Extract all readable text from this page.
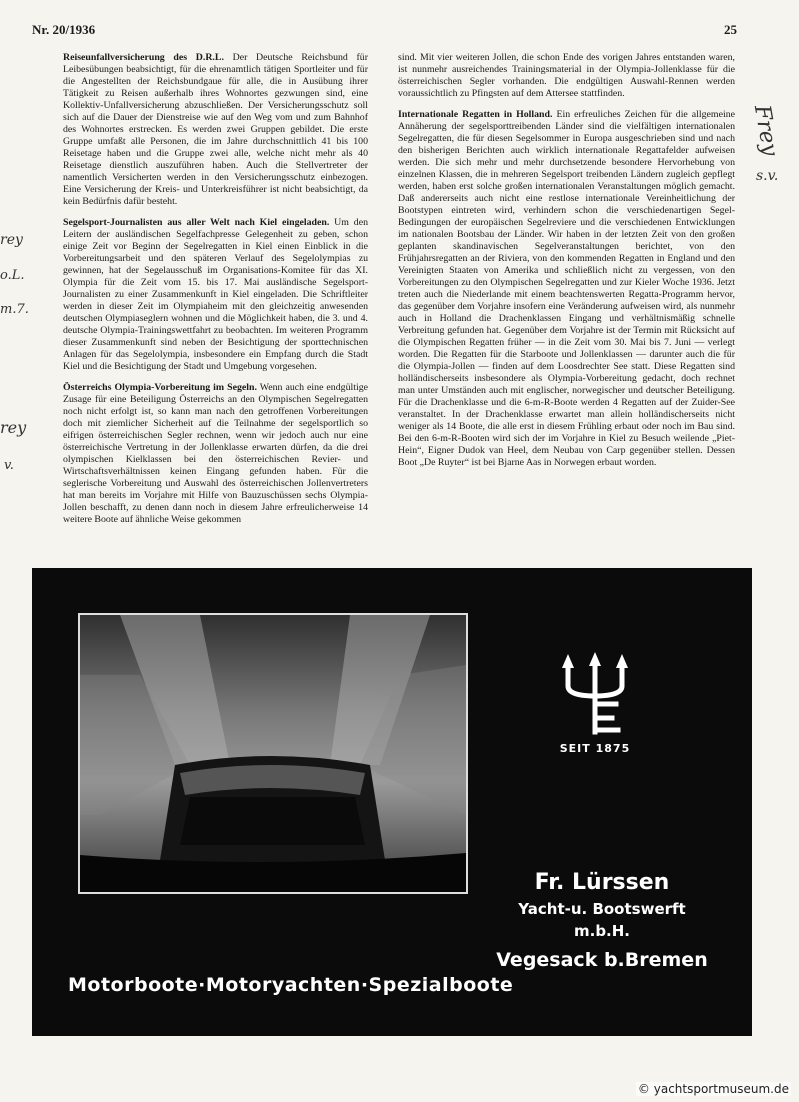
Nr. 20/1936	25

Reiseunfallversicherung des D.R.L. Der Deutsche Reichsbund für Leibesübungen beabsichtigt, für die ehrenamtlich tätigen Sportleiter und für die Angestellten der Reichsbundgaue für alle, die in Ausübung ihrer Tätigkeit zu Reisen außerhalb ihres Wohnortes gezwungen sind, eine Kollektiv-Unfallversicherung abzuschließen. Der Versicherungsschutz soll sich auf die Dauer der Dienstreise wie auf den Weg vom und zum Bahnhof des Wohnortes erstrecken. Es werden zwei Gruppen gebildet. Die erste Gruppe umfaßt alle Personen, die im Jahre durchschnittlich 41 bis 100 Reisetage haben und die Gruppe zwei alle, welche nicht mehr als 40 Reisetage dienstlich auszuführen haben. Auch die Stellvertreter der namentlich Versicherten werden in den Versicherungsschutz einbezogen. Eine Versicherung der Kreis- und Unterkreisführer ist nicht beabsichtigt, da kein Bedürfnis dafür besteht.

Segelsport-Journalisten aus aller Welt nach Kiel eingeladen. Um den Leitern der ausländischen Segelfachpresse Gelegenheit zu geben, schon einige Zeit vor Beginn der Segelregatten in Kiel einen Einblick in die Vorbereitungsarbeit und den späteren Verlauf des Segelolympias zu gewinnen, hat der Segelausschuß im Organisations-Komitee für das XI. Olympia für die Zeit vom 15. bis 17. Mai ausländische Segelsport-Journalisten zu einer Zusammenkunft in Kiel eingeladen. Die Schriftleiter werden in dieser Zeit im Olympiaheim mit den gleichzeitig anwesenden deutschen Olympiaseglern wohnen und die Möglichkeit haben, die 3. und 4. deutsche Olympia-Trainingswettfahrt zu beobachten. Im weiteren Programm dieser Zusammenkunft sind neben der Besichtigung der sporttechnischen Anlagen für das Segelolympia, insbesondere ein Empfang durch die Stadt Kiel und die Besichtigung der Stadt und Umgebung vorgesehen.

Österreichs Olympia-Vorbereitung im Segeln. Wenn auch eine endgültige Zusage für eine Beteiligung Österreichs an den Olympischen Segelregatten noch nicht erfolgt ist, so kann man nach den getroffenen Vorbereitungen doch mit ziemlicher Sicherheit auf die Teilnahme der segelsportlich so eifrigen österreichischen Segler rechnen, wenn wir jedoch auch nur eine österreichische Vertretung in der Jollenklasse erwarten dürfen, da die drei olympischen Kielklassen bei den österreichischen Revier- und Wirtschaftsverhältnissen keinen Eingang gefunden haben. Für die seglerische Vorbereitung und Auswahl des österreichischen Jollenvertreters hat man bereits im Vorjahre mit Hilfe von Bauzuschüssen sechs Olympia-Jollen beschafft, zu denen dann noch in diesem Jahre erfreulicherweise 14 weitere Boote auf ähnliche Weise gekommen

sind. Mit vier weiteren Jollen, die schon Ende des vorigen Jahres entstanden waren, ist nunmehr ausreichendes Trainingsmaterial in der Olympia-Jollenklasse für die österreichischen Segler vorhanden. Die endgültigen Auswahl-Rennen werden voraussichtlich zu Pfingsten auf dem Attersee stattfinden.

Internationale Regatten in Holland. Ein erfreuliches Zeichen für die allgemeine Annäherung der segelsporttreibenden Länder sind die vielfältigen internationalen Segelregatten, die für diesen Segelsommer in Europa ausgeschrieben sind und nach den bisherigen Berichten auch wirklich internationale Regattafelder aufweisen werden. Die sich mehr und mehr durchsetzende besondere Hervorhebung von einzelnen Klassen, die in mehreren Segelsport treibenden Ländern zugleich gepflegt werden, haben erst solche großen internationalen Veranstaltungen möglich gemacht. Daß andererseits auch nicht eine restlose internationale Vereinheitlichung der Bootstypen eintreten wird, verhindern schon die verschiedenartigen Segel-Bedingungen der europäischen Segelreviere und die verschiedenen Entwicklungen im nationalen Bootsbau der Länder. Wir haben in der letzten Zeit von den großen geplanten skandinavischen Segelveranstaltungen berichtet, von den Frühjahrsregatten an der Riviera, von den kommenden Regatten in England und den Vereinigten Staaten von Amerika und schließlich nicht zu vergessen, von den Vorbereitungen zu den Olympischen Segelregatten und zur Kieler Woche 1936. Jetzt treten auch die Niederlande mit einem beachtenswerten Regatta-Programm hervor, das gegenüber dem Vorjahre insofern eine Veränderung aufweisen wird, als nunmehr auch in Holland die Drachenklassen Eingang und verhältnismäßig schnelle Verbreitung gefunden hat. Gegenüber dem Vorjahre ist der Termin mit Rücksicht auf die Olympischen Regatten früher — in die Zeit vom 30. Mai bis 7. Juni — verlegt worden. Die Regatten für die Starboote und Jollenklassen — darunter auch die für die Olympia-Jollen — finden auf dem Loosdrechter See statt. Diese Regatten sind holländischerseits insbesondere als Olympia-Vorbereitung gedacht, doch rechnet man unter Umständen auch mit englischer, norwegischer und deutscher Beteiligung. Für die Drachenklasse und die 6-m-R-Boote werden 4 Regatten auf der Zuider-See veranstaltet. In der Drachenklasse erwartet man allein holländischerseits nicht weniger als 14 Boote, die alle erst in diesem Frühling erbaut oder noch im Bau sind. Bei den 6-m-R-Booten wird sich der im Vorjahre in Kiel zu Besuch weilende „Piet-Hein“, Eigner Dudok van Heel, dem Neubau von Carp gegenüber stellen. Dessen Boot „De Ruyter“ ist bei Bjarne Aas in Norwegen erbaut worden.

Frey
s.v.
rey
o.L.
m.7.
rey
v.
SEIT 1875
Fr. Lürssen
Yacht-u. Bootswerft m.b.H.
Vegesack b.Bremen
Motorboote·Motoryachten·Spezialboote
© yachtsportmuseum.de
